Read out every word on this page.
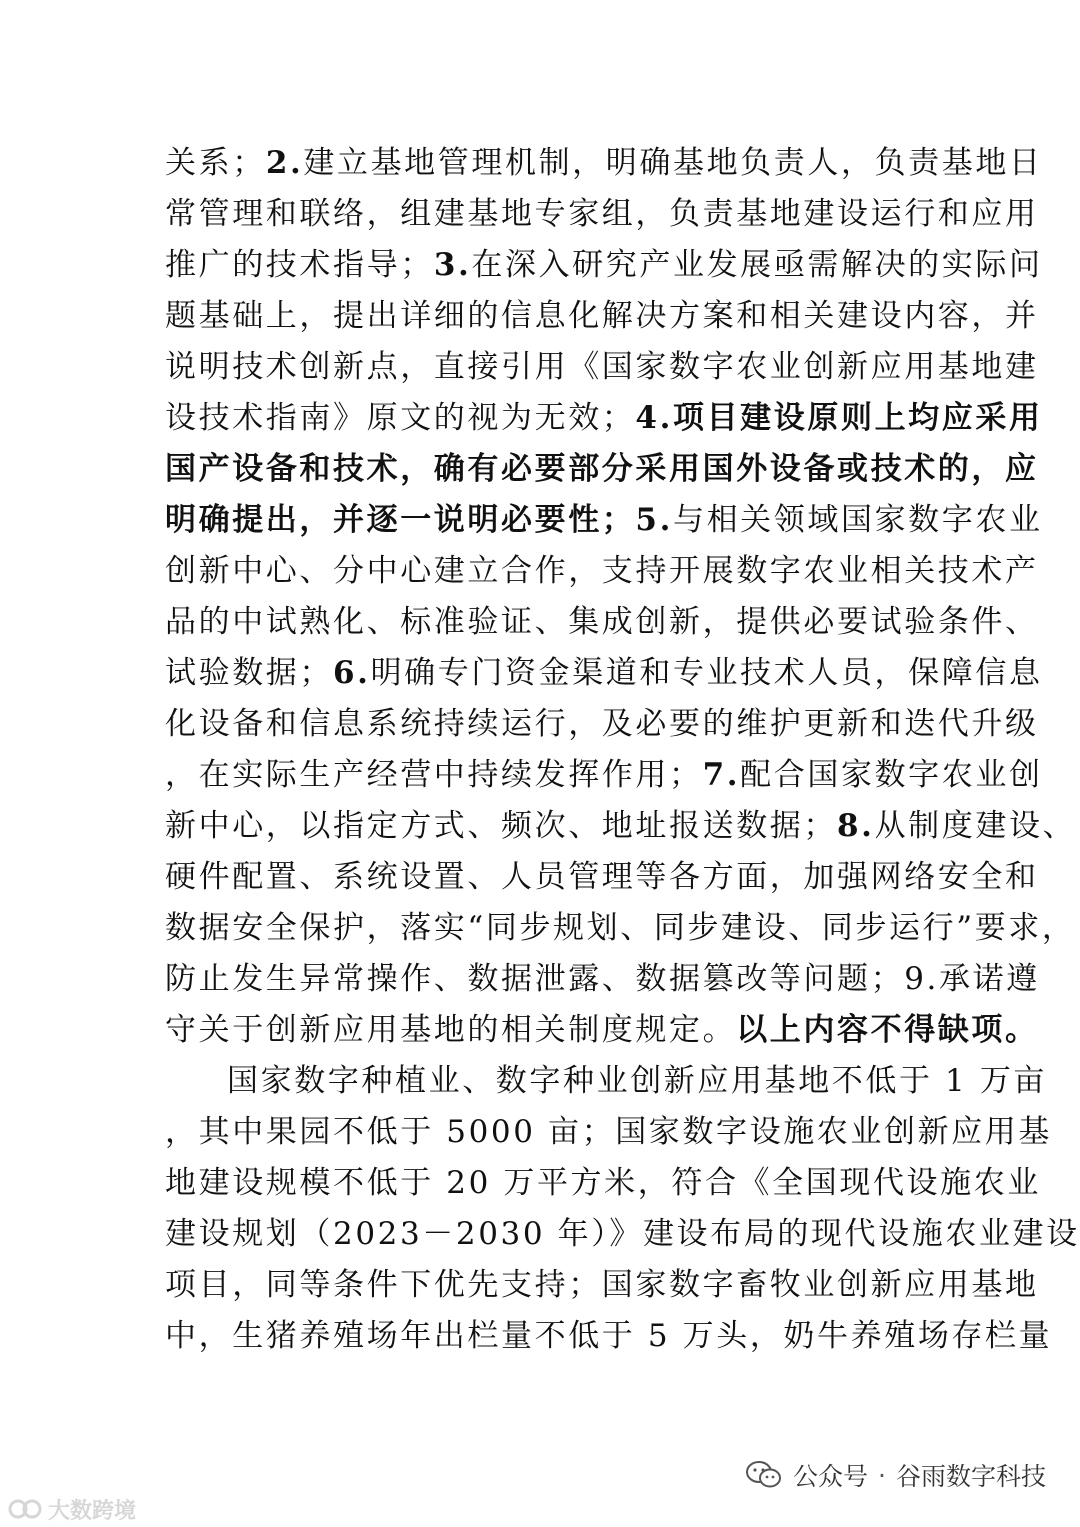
关系；2.建立基地管理机制，明确基地负责人，负责基地日
常管理和联络，组建基地专家组，负责基地建设运行和应用
推广的技术指导；3.在深入研究产业发展亟需解决的实际问
题基础上，提出详细的信息化解决方案和相关建设内容，并
说明技术创新点，直接引用《国家数字农业创新应用基地建
设技术指南》原文的视为无效；4.项目建设原则上均应采用
国产设备和技术，确有必要部分采用国外设备或技术的，应
明确提出，并逐一说明必要性；5.与相关领域国家数字农业
创新中心、分中心建立合作，支持开展数字农业相关技术产
品的中试熟化、标准验证、集成创新，提供必要试验条件、
试验数据；6.明确专门资金渠道和专业技术人员，保障信息
化设备和信息系统持续运行，及必要的维护更新和迭代升级
，在实际生产经营中持续发挥作用；7.配合国家数字农业创
新中心，以指定方式、频次、地址报送数据；8.从制度建设、
硬件配置、系统设置、人员管理等各方面，加强网络安全和
数据安全保护，落实“同步规划、同步建设、同步运行”要求，
防止发生异常操作、数据泄露、数据篡改等问题；9.承诺遵
守关于创新应用基地的相关制度规定。以上内容不得缺项。
国家数字种植业、数字种业创新应用基地不低于 1 万亩
，其中果园不低于 5000 亩；国家数字设施农业创新应用基
地建设规模不低于 20 万平方米，符合《全国现代设施农业
建设规划（2023－2030 年）》建设布局的现代设施农业建设
项目，同等条件下优先支持；国家数字畜牧业创新应用基地
中，生猪养殖场年出栏量不低于 5 万头，奶牛养殖场存栏量
公众号 · 谷雨数字科技
大数跨境
